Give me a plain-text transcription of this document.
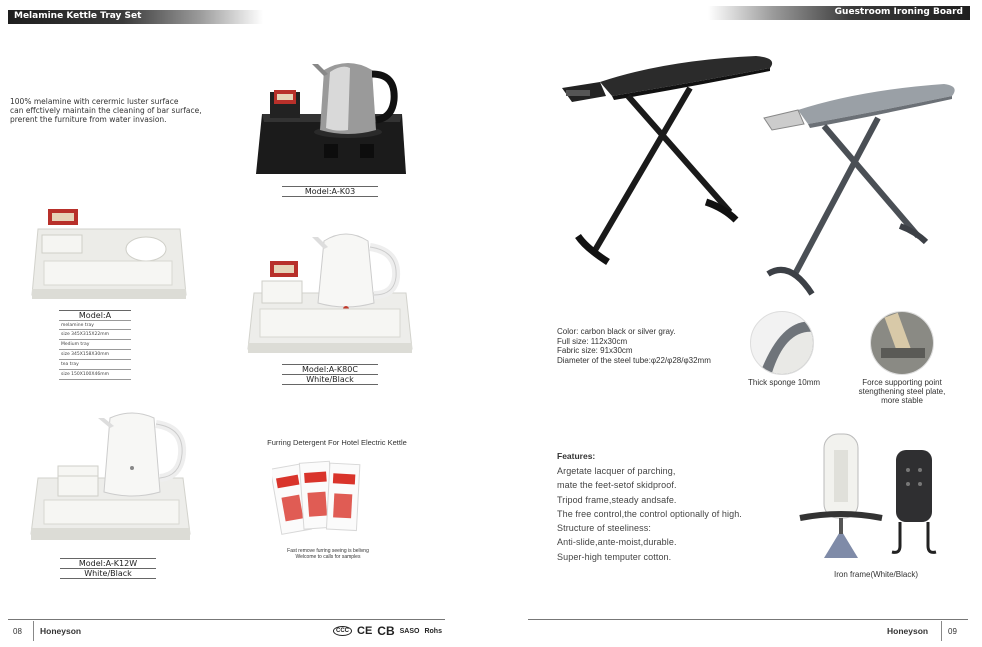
Melamine Kettle Tray Set
100% melamine with cerermic luster surface
can effctively maintain the cleaning of bar surface,
prerent the furniture from water invasion.
Model:A-K03
Model:A
melamine tray
size 345X315X22mm
Medium tray
size 345X158X30mm
tea tray
size 150X100X46mm
Model:A-K80C
White/Black
Model:A-K12W
White/Black
Furring Detergent For Hotel Electric Kettle
Fast remove furring seeing is belivng
Welcome to calls for samples
08 Honeyson	CCC CE CB SASO Rohs
Guestroom Ironing Board
Color: carbon black or silver gray.
Full size: 112x30cm
Fabric size: 91x30cm
Diameter of the steel tube:φ22/φ28/φ32mm
Thick sponge 10mm	Force supporting point
stengthening steel plate,
more stable
Features:
Argetate lacquer of parching,
mate the feet-setof skidproof.
Tripod frame,steady andsafe.
The free control,the control optionally of high.
Structure of steeliness:
Anti-slide,ante-moist,durable.
Super-high temputer cotton.
Iron frame(White/Black)
Honeyson 09
